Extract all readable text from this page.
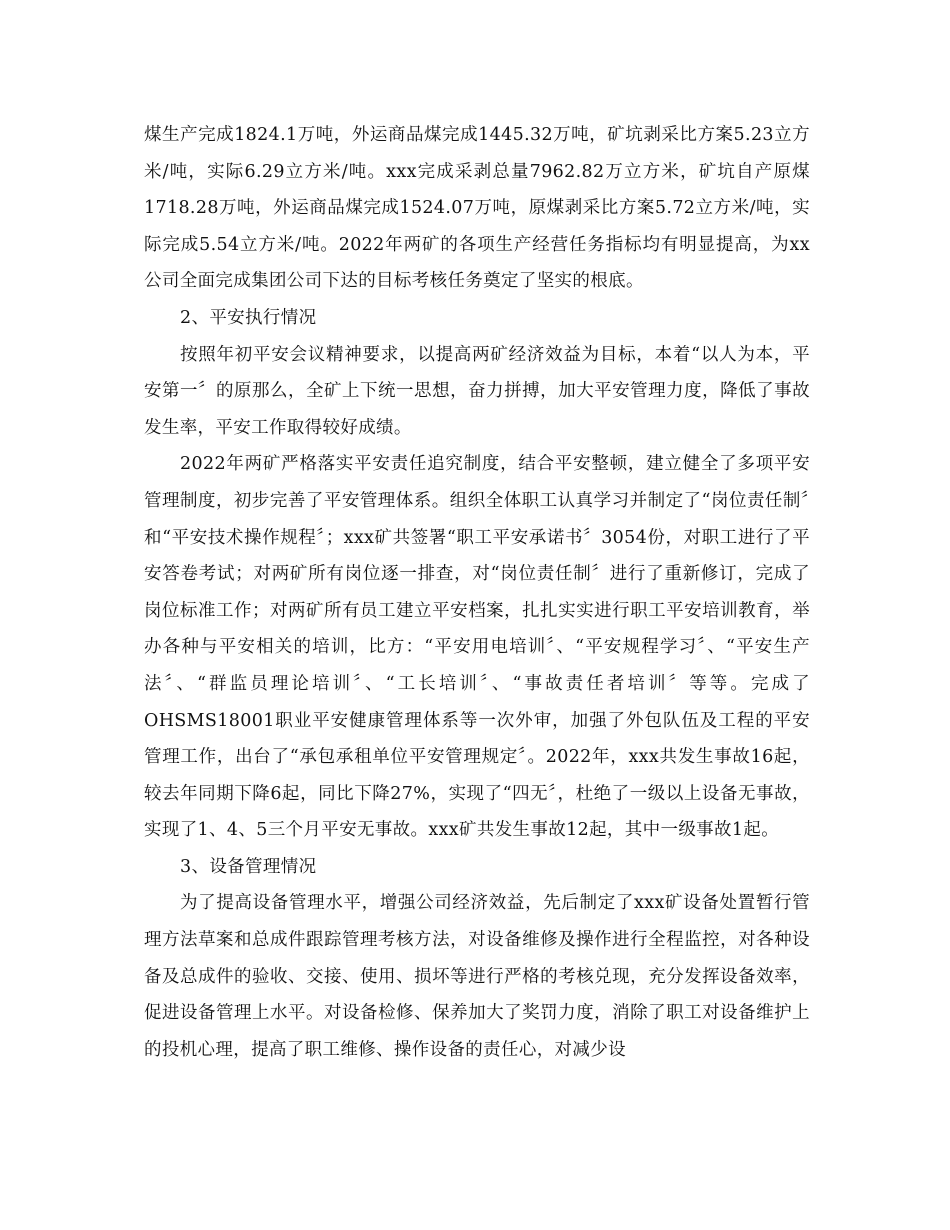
煤生产完成1824.1万吨，外运商品煤完成1445.32万吨，矿坑剥采比方案5.23立方米/吨，实际6.29立方米/吨。xxx完成采剥总量7962.82万立方米，矿坑自产原煤1718.28万吨，外运商品煤完成1524.07万吨，原煤剥采比方案5.72立方米/吨，实际完成5.54立方米/吨。2022年两矿的各项生产经营任务指标均有明显提高，为xx公司全面完成集团公司下达的目标考核任务奠定了坚实的根底。

2、平安执行情况

按照年初平安会议精神要求，以提高两矿经济效益为目标，本着“以人为本，平安第一〞的原那么，全矿上下统一思想，奋力拼搏，加大平安管理力度，降低了事故发生率，平安工作取得较好成绩。

2022年两矿严格落实平安责任追究制度，结合平安整顿，建立健全了多项平安管理制度，初步完善了平安管理体系。组织全体职工认真学习并制定了“岗位责任制〞和“平安技术操作规程〞；xxx矿共签署“职工平安承诺书〞3054份，对职工进行了平安答卷考试；对两矿所有岗位逐一排查，对“岗位责任制〞进行了重新修订，完成了岗位标准工作；对两矿所有员工建立平安档案，扎扎实实进行职工平安培训教育，举办各种与平安相关的培训，比方：“平安用电培训〞、“平安规程学习〞、“平安生产法〞、“群监员理论培训〞、“工长培训〞、“事故责任者培训〞等等。完成了OHSMS18001职业平安健康管理体系等一次外审，加强了外包队伍及工程的平安管理工作，出台了“承包承租单位平安管理规定〞。2022年，xxx共发生事故16起，较去年同期下降6起，同比下降27%，实现了“四无〞，杜绝了一级以上设备无事故，实现了1、4、5三个月平安无事故。xxx矿共发生事故12起，其中一级事故1起。

3、设备管理情况

为了提高设备管理水平，增强公司经济效益，先后制定了xxx矿设备处置暂行管理方法草案和总成件跟踪管理考核方法，对设备维修及操作进行全程监控，对各种设备及总成件的验收、交接、使用、损坏等进行严格的考核兑现，充分发挥设备效率，促进设备管理上水平。对设备检修、保养加大了奖罚力度，消除了职工对设备维护上的投机心理，提高了职工维修、操作设备的责任心，对减少设
